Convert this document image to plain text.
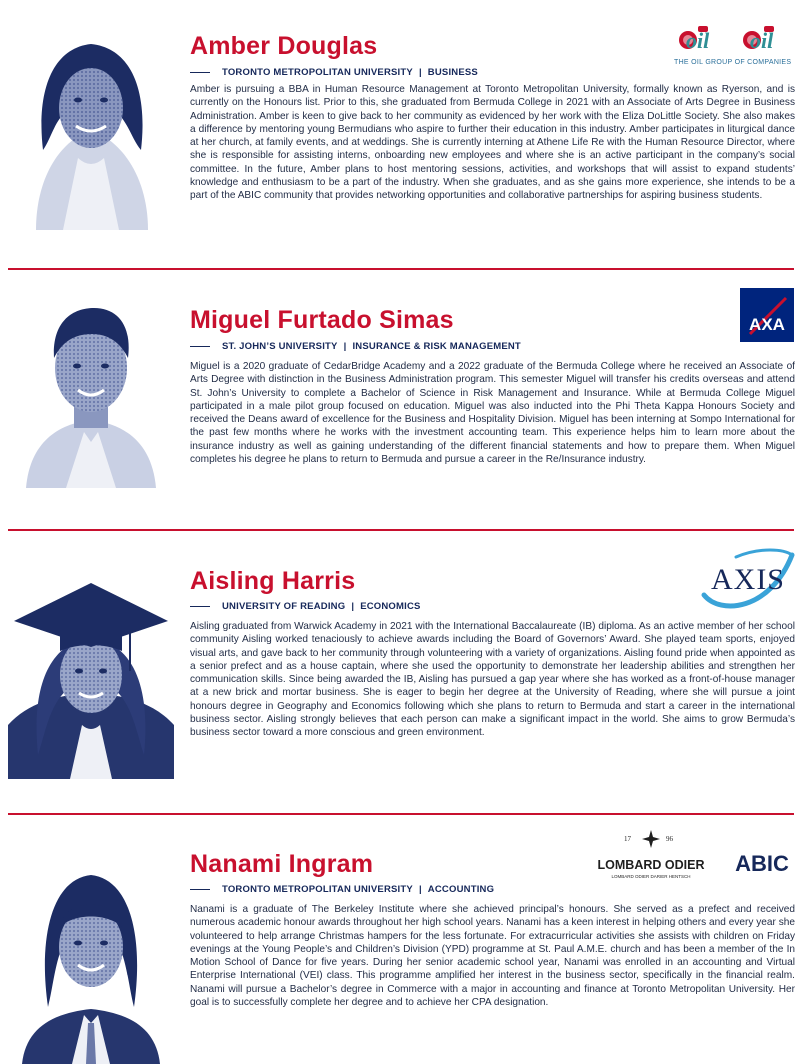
Amber Douglas
TORONTO METROPOLITAN UNIVERSITY | BUSINESS
oil oil
THE OIL GROUP OF COMPANIES

Amber is pursuing a BBA in Human Resource Management at Toronto Metropolitan University, formally known as Ryerson, and is currently on the Honours list. Prior to this, she graduated from Bermuda College in 2021 with an Associate of Arts Degree in Business Administration. Amber is keen to give back to her community as evidenced by her work with the Eliza DoLittle Society. She also makes a difference by mentoring young Bermudians who aspire to further their education in this industry. Amber participates in liturgical dance at her church, at family events, and at weddings. She is currently interning at Athene Life Re with the Human Resource Director, where she is responsible for assisting interns, onboarding new employees and where she is an active participant in the company’s social committee. In the future, Amber plans to host mentoring sessions, activities, and workshops that will assist to expand students’ knowledge and enthusiasm to be a part of the industry. When she graduates, and as she gains more experience, she intends to be a part of the ABIC community that provides networking opportunities and collaborative partnerships for aspiring business students.

Miguel Furtado Simas
ST. JOHN’S UNIVERSITY | INSURANCE & RISK MANAGEMENT
AXA

Miguel is a 2020 graduate of CedarBridge Academy and a 2022 graduate of the Bermuda College where he received an Associate of Arts Degree with distinction in the Business Administration program. This semester Miguel will transfer his credits overseas and attend St. John’s University to complete a Bachelor of Science in Risk Management and Insurance. While at Bermuda College Miguel participated in a male pilot group focused on education. Miguel was also inducted into the Phi Theta Kappa Honours Society and received the Deans award of excellence for the Business and Hospitality Division. Miguel has been interning at Sompo International for the past few months where he works with the investment accounting team. This experience helps him to learn more about the insurance industry as well as gaining understanding of the different financial statements and how to prepare them. When Miguel completes his degree he plans to return to Bermuda and pursue a career in the Re/Insurance industry.

Aisling Harris
UNIVERSITY OF READING | ECONOMICS
AXIS

Aisling graduated from Warwick Academy in 2021 with the International Baccalaureate (IB) diploma. As an active member of her school community Aisling worked tenaciously to achieve awards including the Board of Governors’ Award. She played team sports, enjoyed visual arts, and gave back to her community through volunteering with a variety of organizations. Aisling found pride when appointed as a senior prefect and as a house captain, where she used the opportunity to demonstrate her leadership abilities and strengthen her communication skills. Since being awarded the IB, Aisling has pursued a gap year where she has worked as a front-of-house manager at a new brick and mortar business. She is eager to begin her degree at the University of Reading, where she will pursue a joint honours degree in Geography and Economics following which she plans to return to Bermuda and start a career in the international business sector. Aisling strongly believes that each person can make a significant impact in the world. She aims to grow Bermuda’s business sector toward a more conscious and green environment.

Nanami Ingram
TORONTO METROPOLITAN UNIVERSITY | ACCOUNTING
17	96
LOMBARD ODIER
LOMBARD ODIER DARIER HENTSCH
ABIC

Nanami is a graduate of The Berkeley Institute where she achieved principal’s honours. She served as a prefect and received numerous academic honour awards throughout her high school years. Nanami has a keen interest in helping others and every year she volunteered to help arrange Christmas hampers for the less fortunate. For extracurricular activities she assists with children on Friday evenings at the Young People’s and Children’s Division (YPD) programme at St. Paul A.M.E. church and has been a member of the In Motion School of Dance for five years. During her senior academic school year, Nanami was enrolled in an accounting and Virtual Enterprise International (VEI) class. This programme amplified her interest in the business sector, specifically in the financial realm. Nanami will pursue a Bachelor’s degree in Commerce with a major in accounting and finance at Toronto Metropolitan University. Her goal is to successfully complete her degree and to achieve her CPA designation.
